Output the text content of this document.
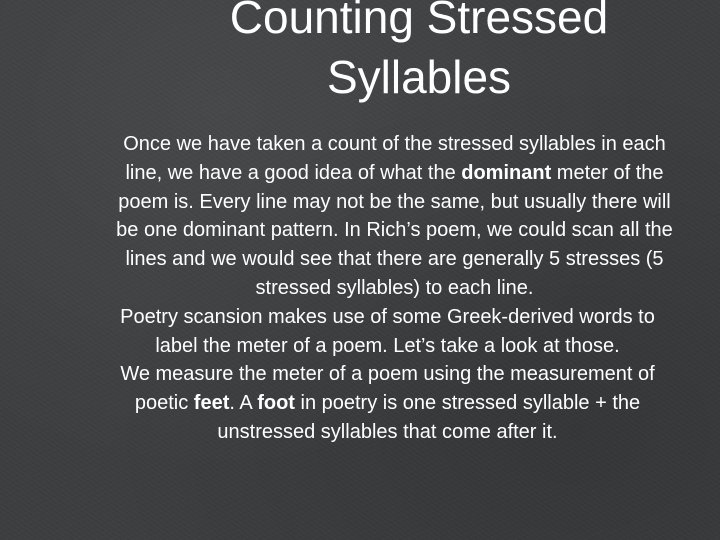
Counting Stressed
Syllables

Once we have taken a count of the stressed syllables in each line, we have a good idea of what the dominant meter of the poem is. Every line may not be the same, but usually there will be one dominant pattern. In Rich’s poem, we could scan all the lines and we would see that there are generally 5 stresses (5 stressed syllables) to each line.

Poetry scansion makes use of some Greek-derived words to label the meter of a poem. Let’s take a look at those.

We measure the meter of a poem using the measurement of poetic feet. A foot in poetry is one stressed syllable + the unstressed syllables that come after it.
